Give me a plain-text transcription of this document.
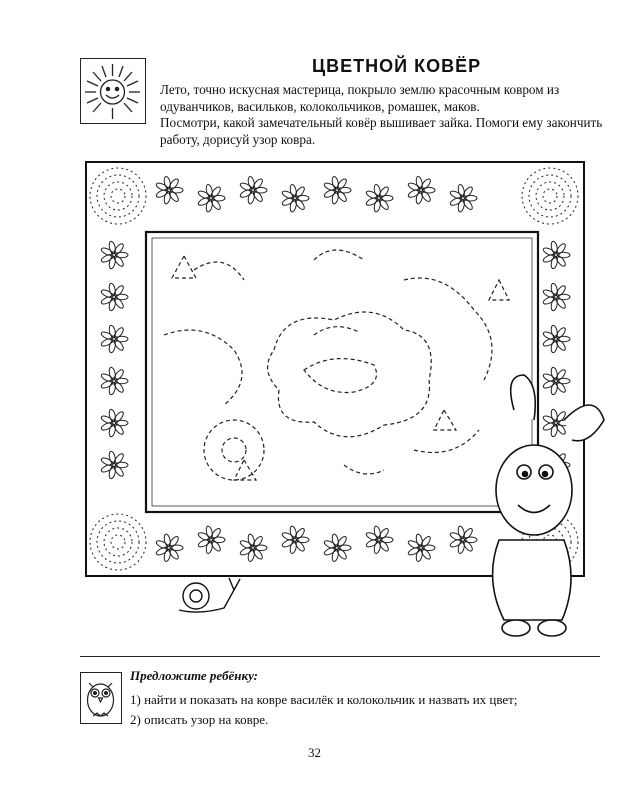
ЦВЕТНОЙ КОВЁР

Лето, точно искусная мастерица, покрыло землю красочным ковром из одуванчиков, васильков, колокольчиков, ромашек, маков.

Посмотри, какой замечательный ковёр вышивает зайка. Помоги ему закончить работу, дорисуй узор ковра.

Предложите ребёнку:

1) найти и показать на ковре василёк и колокольчик и назвать их цвет;
2) описать узор на ковре.
32
